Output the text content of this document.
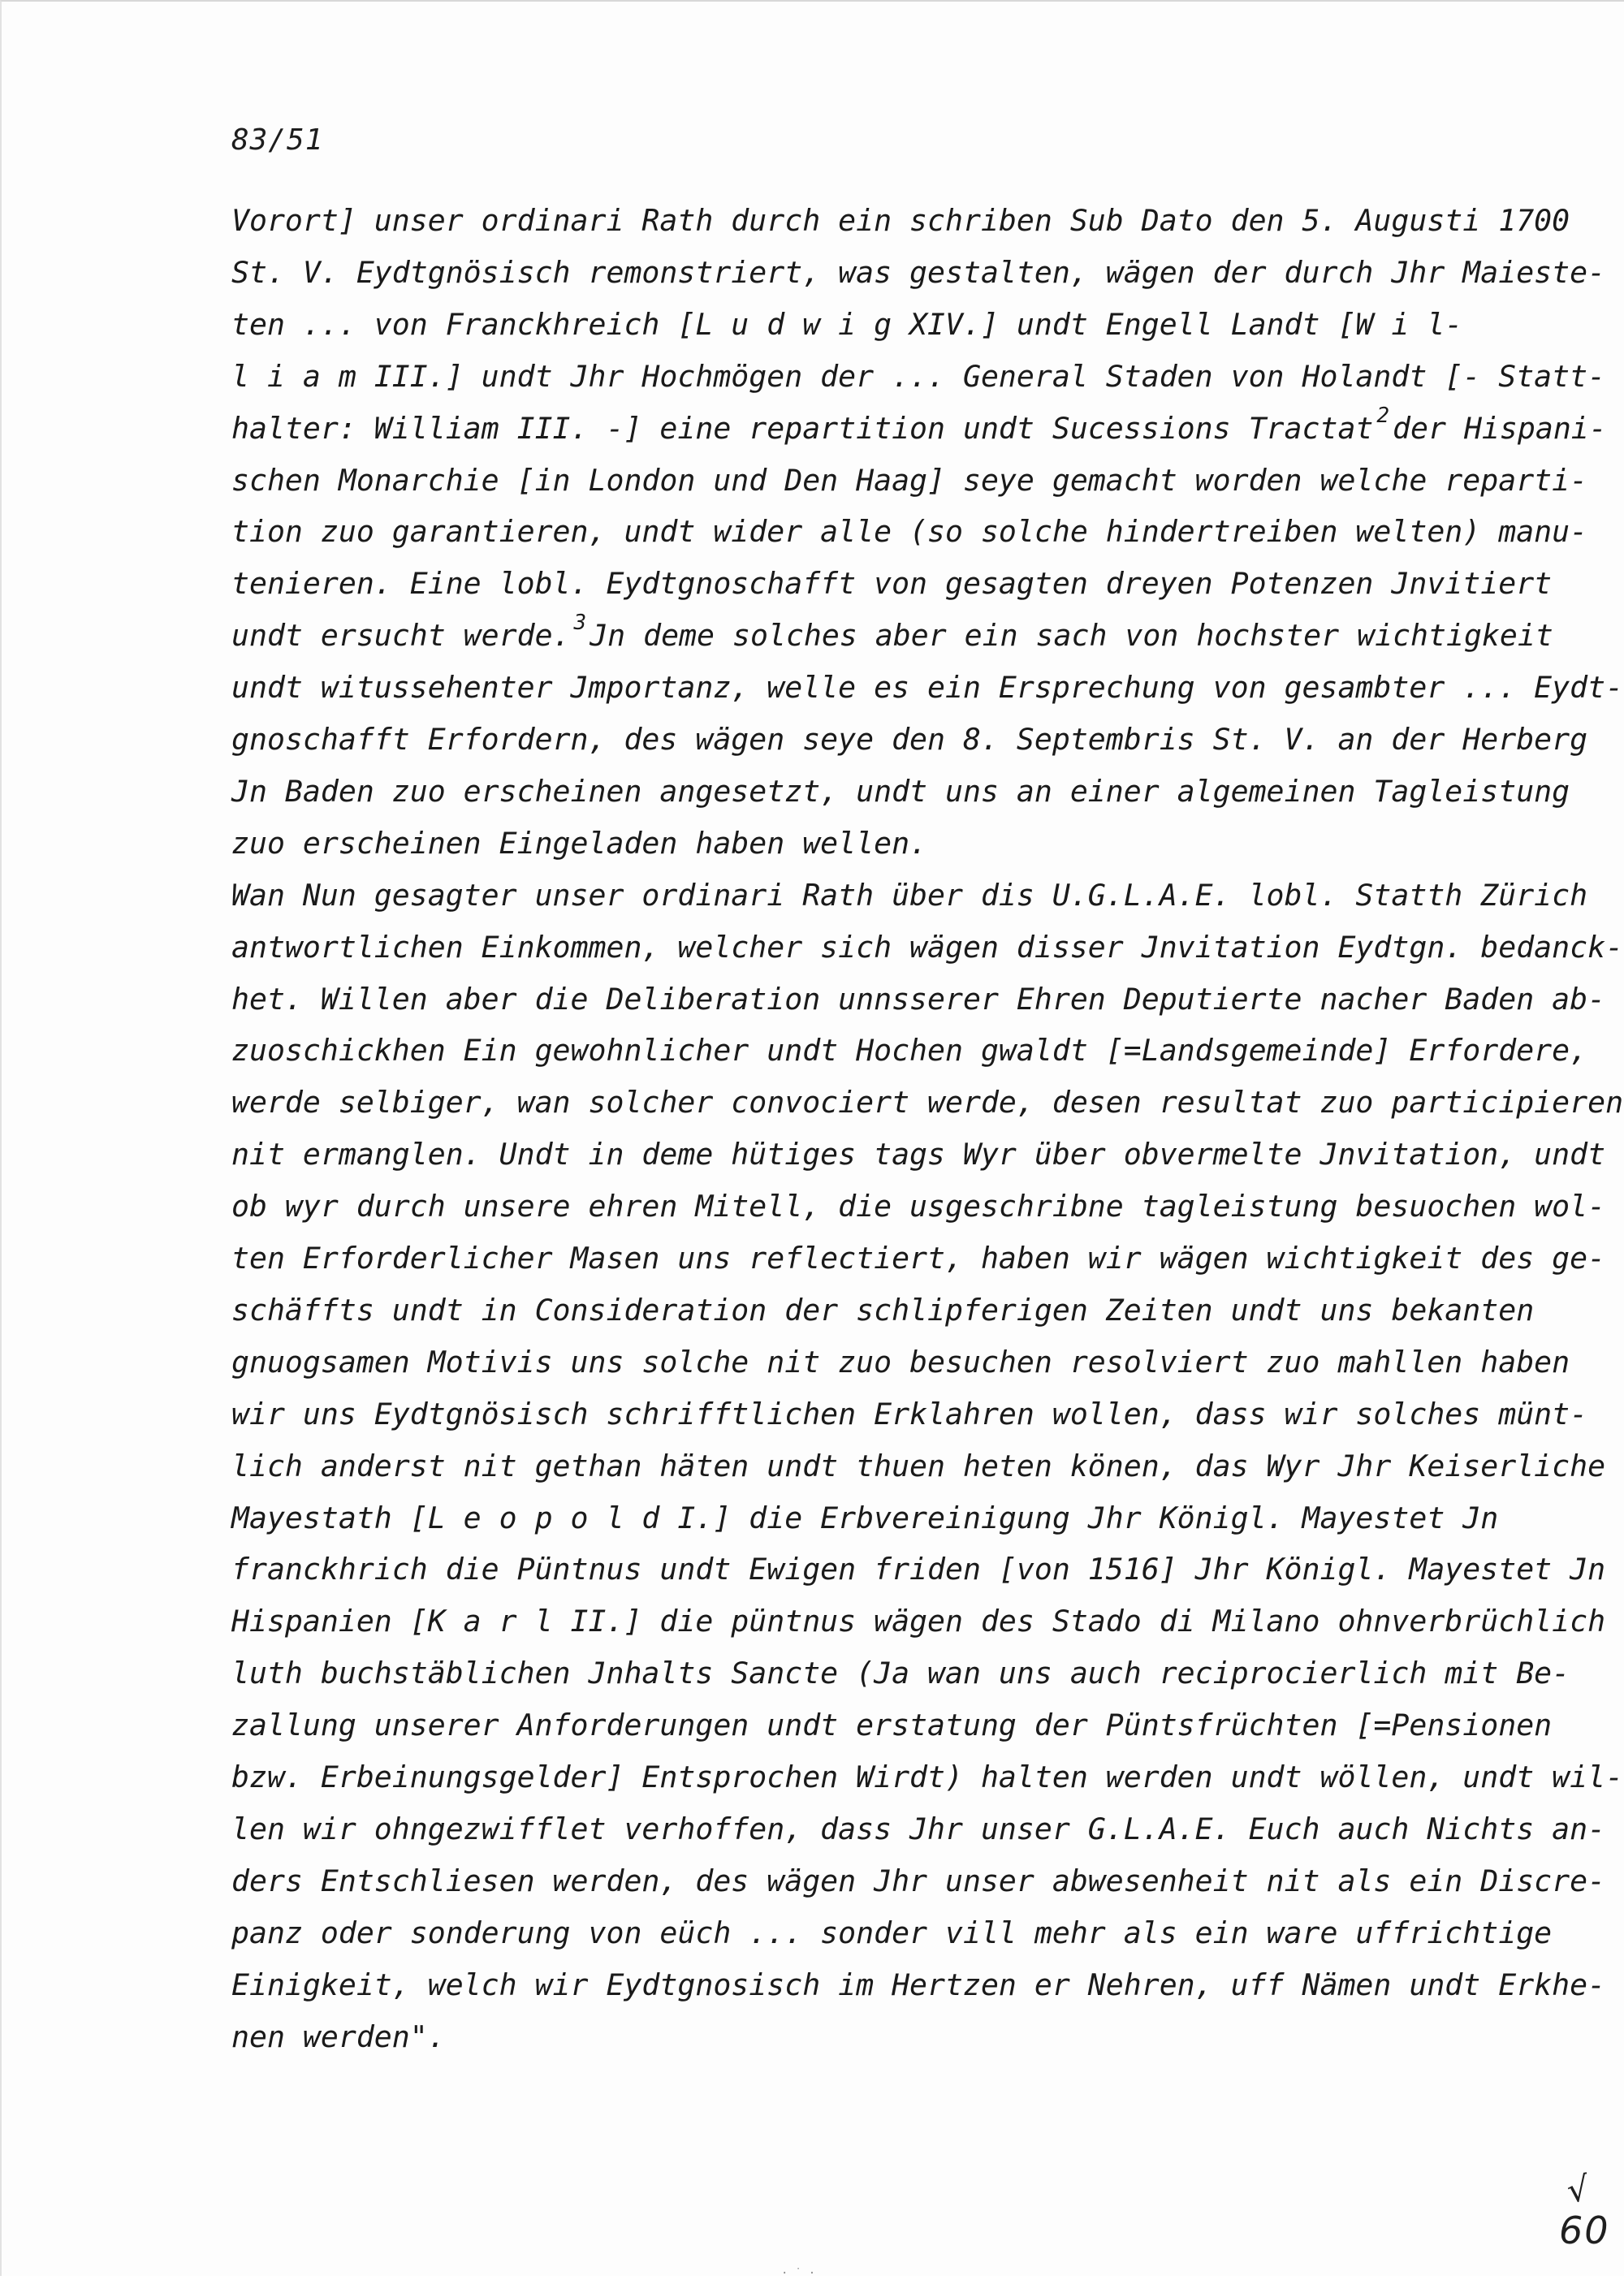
83/51
Vorort] unser ordinari Rath durch ein schriben Sub Dato den 5. Augusti 1700
St. V. Eydtgnösisch remonstriert, was gestalten, wägen der durch Jhr Maieste-
ten ... von Franckhreich [L u d w i g XIV.] undt Engell Landt [W i l-
l i a m III.] undt Jhr Hochmögen der ... General Staden von Holandt [- Statt-
halter: William III. -] eine repartition undt Sucessions Tractat $^2$ der Hispani-
schen Monarchie [in London und Den Haag] seye gemacht worden welche reparti-
tion zuo garantieren, undt wider alle (so solche hindertreiben welten) manu-
tenieren. Eine lobl. Eydtgnoschafft von gesagten dreyen Potenzen Jnvitiert
undt ersucht werde. $^3$ Jn deme solches aber ein sach von hochster wichtigkeit
undt witussehenter Jmportanz, welle es ein Ersprechung von gesambter ... Eydt-
gnoschafft Erfordern, des wägen seye den 8. Septembris St. V. an der Herberg
Jn Baden zuo erscheinen angesetzt, undt uns an einer algemeinen Tagleistung
zuo erscheinen Eingeladen haben wellen.
Wan Nun gesagter unser ordinari Rath über dis U.G.L.A.E. lobl. Statth Zürich
antwortlichen Einkommen, welcher sich wägen disser Jnvitation Eydtgn. bedanck-
het. Willen aber die Deliberation unnsserer Ehren Deputierte nacher Baden ab-
zuoschickhen Ein gewohnlicher undt Hochen gwaldt [=Landsgemeinde] Erfordere,
werde selbiger, wan solcher convociert werde, desen resultat zuo participieren
nit ermanglen. Undt in deme hütiges tags Wyr über obvermelte Jnvitation, undt
ob wyr durch unsere ehren Mitell, die usgeschribne tagleistung besuochen wol-
ten Erforderlicher Masen uns reflectiert, haben wir wägen wichtigkeit des ge-
schäffts undt in Consideration der schlipferigen Zeiten undt uns bekanten
gnuogsamen Motivis uns solche nit zuo besuchen resolviert zuo mahllen haben
wir uns Eydtgnösisch schrifftlichen Erklahren wollen, dass wir solches münt-
lich anderst nit gethan häten undt thuen heten könen, das Wyr Jhr Keiserliche
Mayestath [L e o p o l d I.] die Erbvereinigung Jhr Königl. Mayestet Jn
franckhrich die Püntnus undt Ewigen friden [von 1516] Jhr Königl. Mayestet Jn
Hispanien [K a r l II.] die püntnus wägen des Stado di Milano ohnverbrüchlich
luth buchstäblichen Jnhalts Sancte (Ja wan uns auch reciprocierlich mit Be-
zallung unserer Anforderungen undt erstatung der Püntsfrüchten [=Pensionen
bzw. Erbeinungsgelder] Entsprochen Wirdt) halten werden undt wöllen, undt wil-
len wir ohngezwifflet verhoffen, dass Jhr unser G.L.A.E. Euch auch Nichts an-
ders Entschliesen werden, des wägen Jhr unser abwesenheit nit als ein Discre-
panz oder sonderung von eüch ... sonder vill mehr als ein ware uffrichtige
Einigkeit, welch wir Eydtgnosisch im Hertzen er Nehren, uff Nämen undt Erkhe-
nen werden".
√
60
· ˙ ·
